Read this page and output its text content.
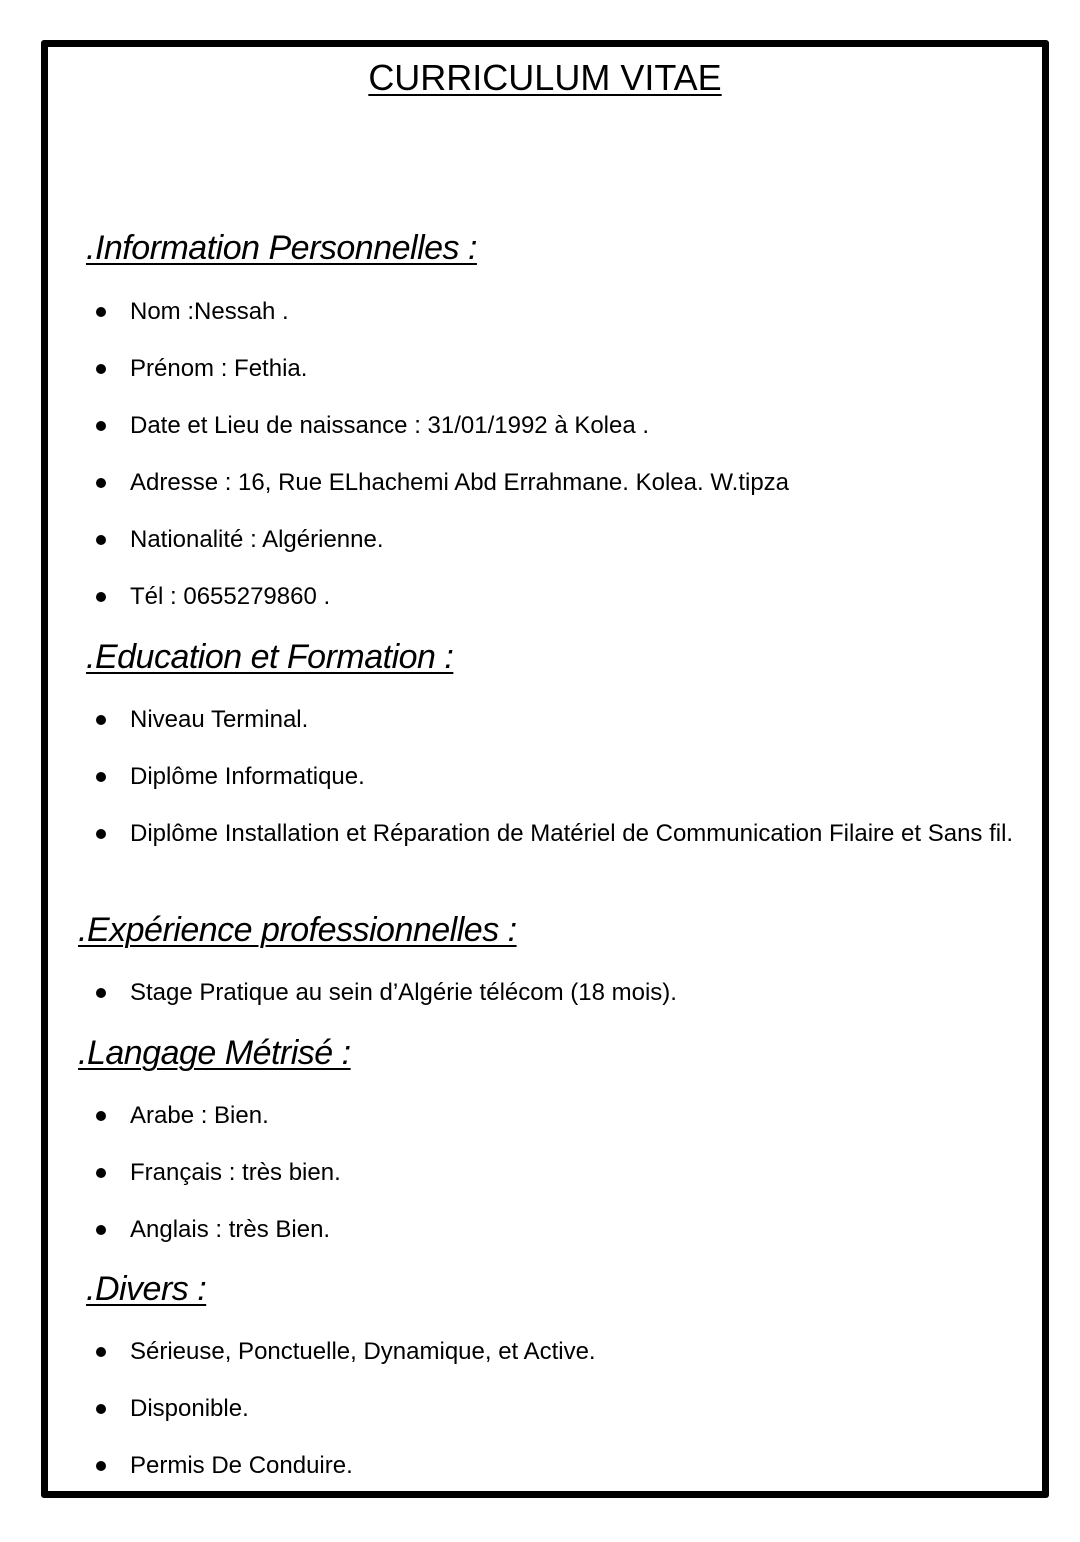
CURRICULUM VITAE
.Information Personnelles :
Nom :Nessah .
Prénom : Fethia.
Date et Lieu de naissance : 31/01/1992 à Kolea .
Adresse : 16, Rue ELhachemi Abd Errahmane. Kolea. W.tipza
Nationalité : Algérienne.
Tél : 0655279860 .
.Education et Formation :
Niveau Terminal.
Diplôme Informatique.
Diplôme Installation et Réparation de Matériel de Communication Filaire et Sans fil.
.Expérience professionnelles :
Stage Pratique au sein d’Algérie télécom (18 mois).
.Langage Métrisé :
Arabe : Bien.
Français : très bien.
Anglais : très Bien.
.Divers :
Sérieuse, Ponctuelle, Dynamique, et Active.
Disponible.
Permis De Conduire.
